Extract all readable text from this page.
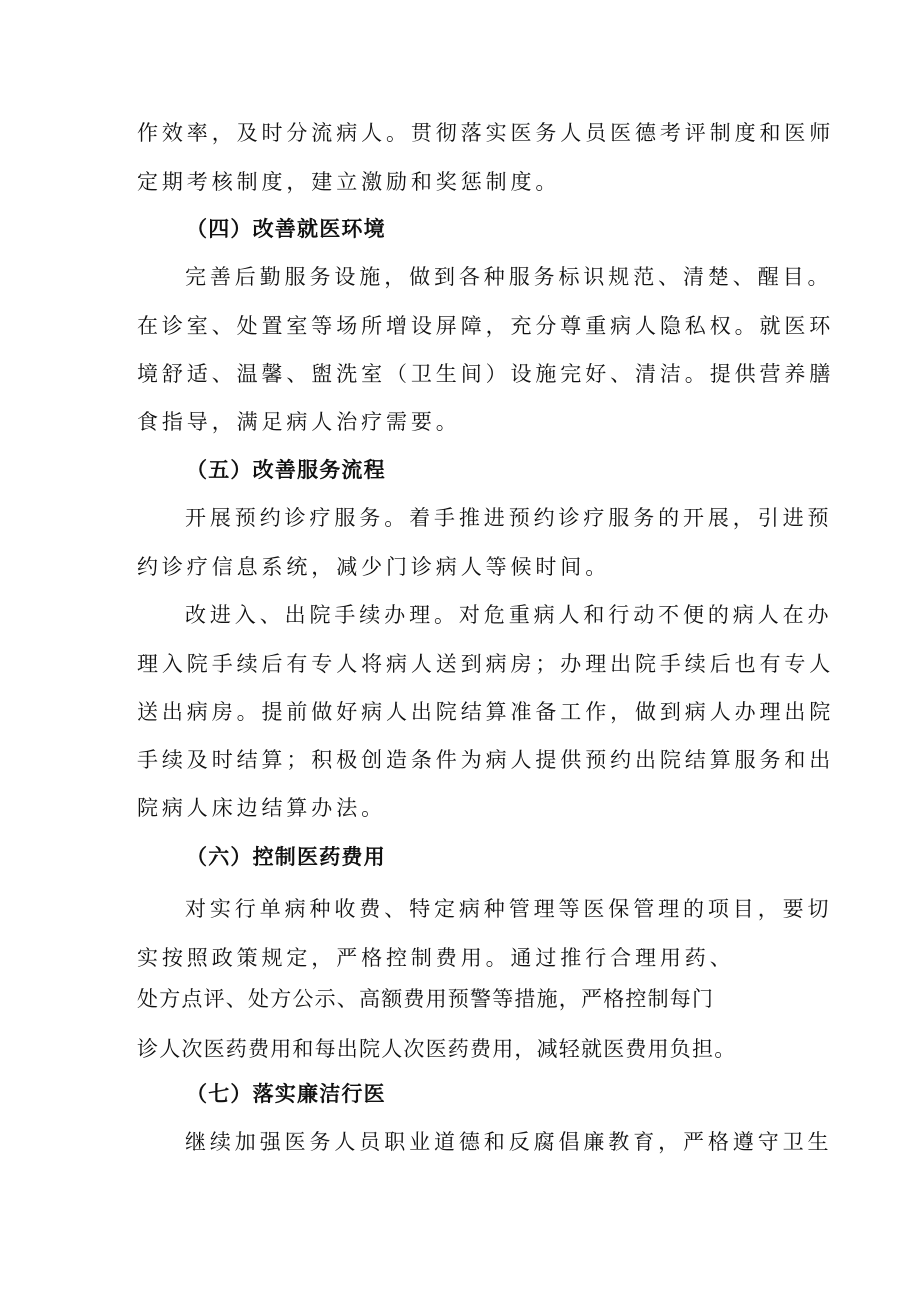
作效率，及时分流病人。贯彻落实医务人员医德考评制度和医师
定期考核制度，建立激励和奖惩制度。
（四）改善就医环境
完善后勤服务设施，做到各种服务标识规范、清楚、醒目。
在诊室、处置室等场所增设屏障，充分尊重病人隐私权。就医环
境舒适、温馨、盥洗室（卫生间）设施完好、清洁。提供营养膳
食指导，满足病人治疗需要。
（五）改善服务流程
开展预约诊疗服务。着手推进预约诊疗服务的开展，引进预
约诊疗信息系统，减少门诊病人等候时间。
改进入、出院手续办理。对危重病人和行动不便的病人在办
理入院手续后有专人将病人送到病房；办理出院手续后也有专人
送出病房。提前做好病人出院结算准备工作，做到病人办理出院
手续及时结算；积极创造条件为病人提供预约出院结算服务和出
院病人床边结算办法。
（六）控制医药费用
对实行单病种收费、特定病种管理等医保管理的项目，要切
实按照政策规定，严格控制费用。通过推行合理用药、
处方点评、处方公示、高额费用预警等措施，严格控制每门
诊人次医药费用和每出院人次医药费用，减轻就医费用负担。
（七）落实廉洁行医
继续加强医务人员职业道德和反腐倡廉教育，严格遵守卫生
